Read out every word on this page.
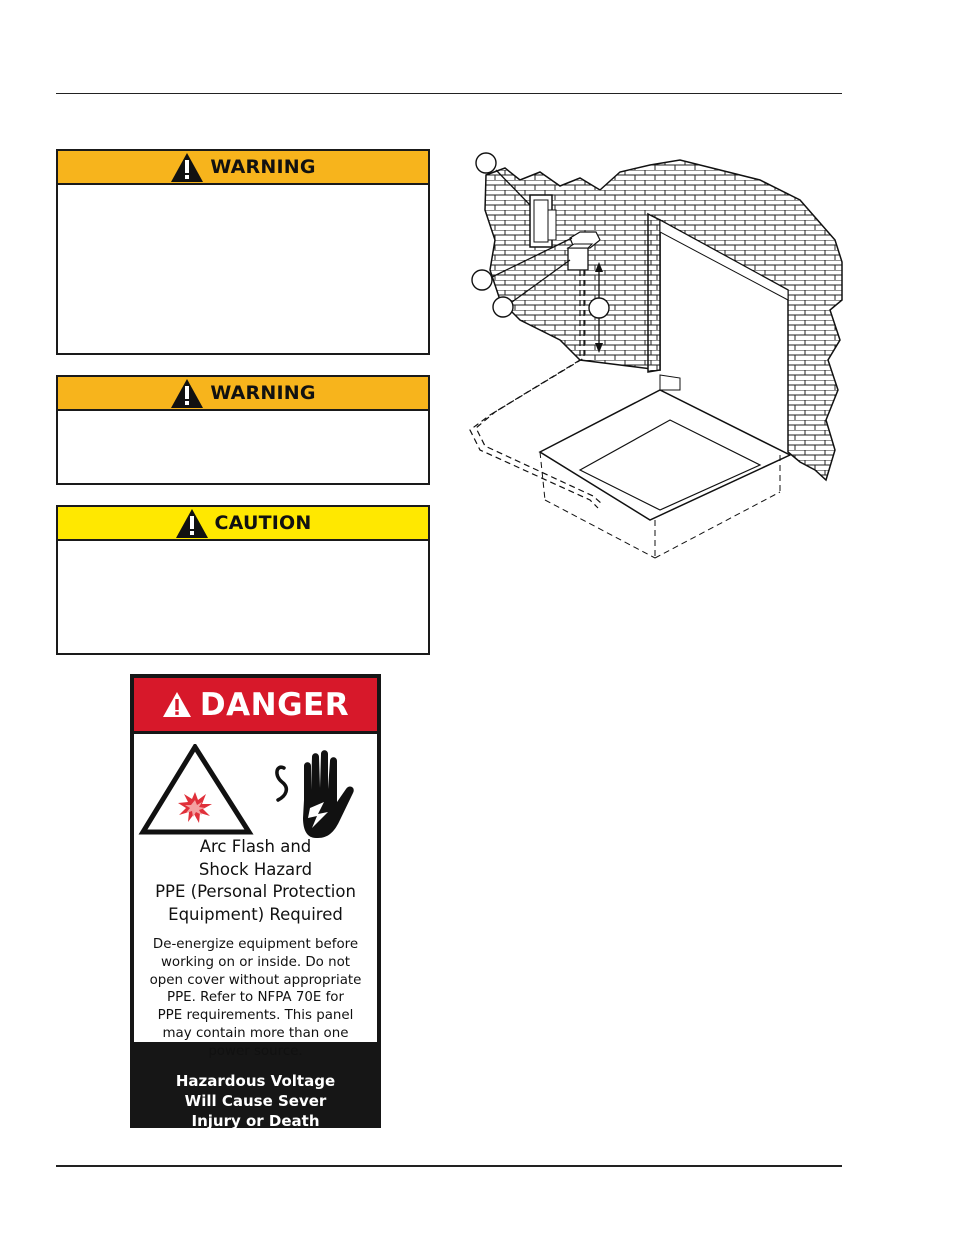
WARNING
WARNING
CAUTION
DANGER
Arc Flash and
Shock Hazard
PPE (Personal Protection
Equipment) Required
De-energize equipment before
working on or inside. Do not
open cover without appropriate
PPE. Refer to NFPA 70E for
PPE requirements. This panel
may contain more than one
power source.
Hazardous Voltage
Will Cause Sever
Injury or Death
